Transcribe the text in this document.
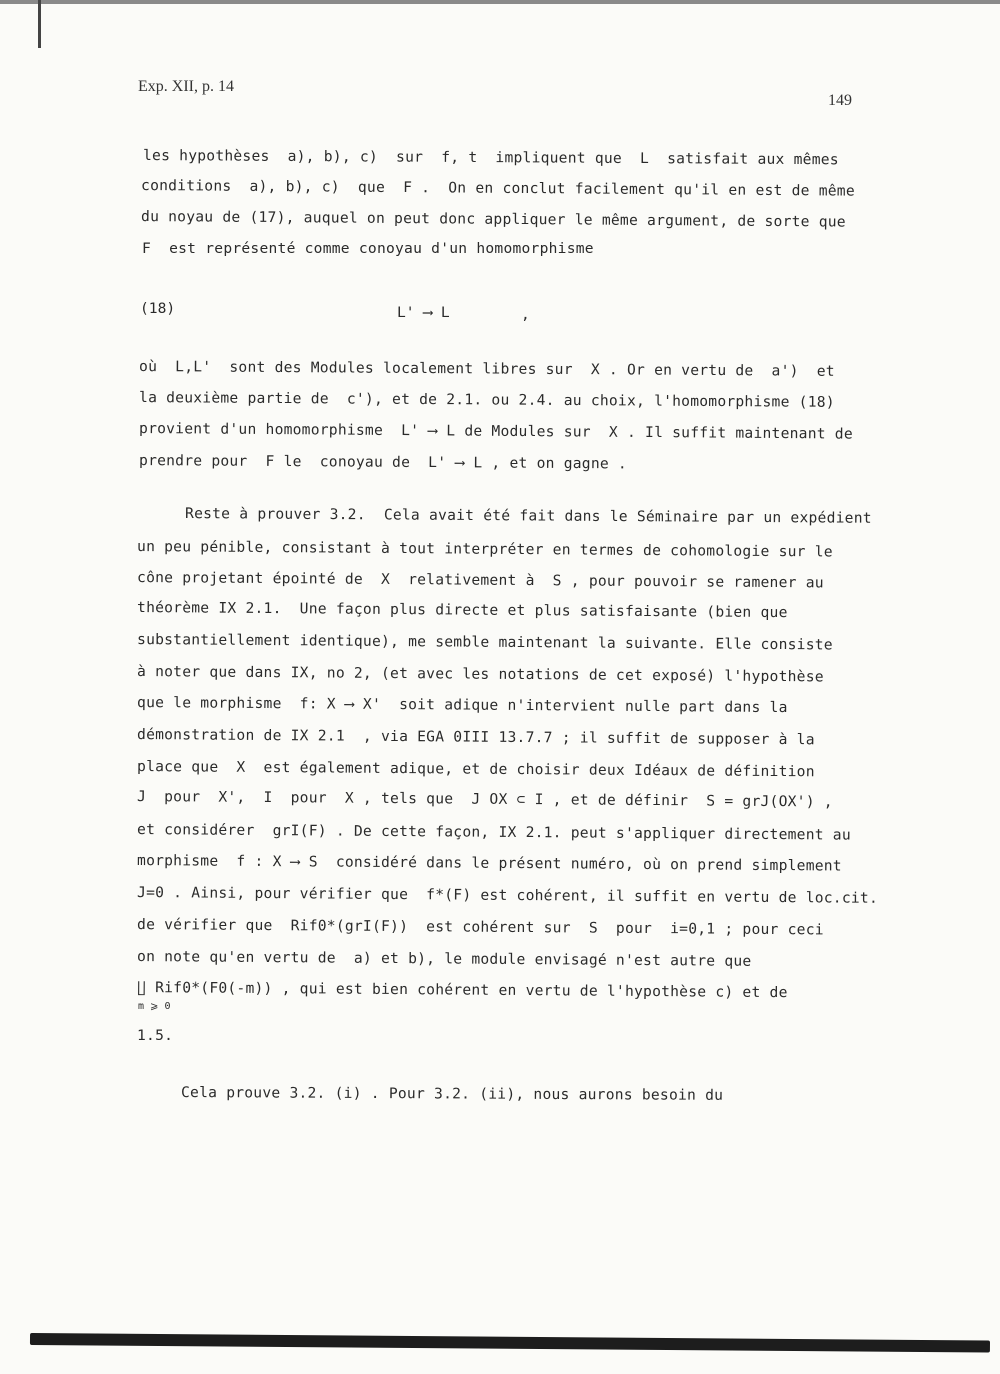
Exp. XII, p. 14
149
les hypothèses  a), b), c)  sur  f, t  impliquent que  L  satisfait aux mêmes
conditions  a), b), c)  que  F .  On en conclut facilement qu'il en est de même
du noyau de (17), auquel on peut donc appliquer le même argument, de sorte que
F  est représenté comme conoyau d'un homomorphisme
(18)	L' ⟶ L	,
où  L,L'  sont des Modules localement libres sur  X . Or en vertu de  a')  et
la deuxième partie de  c'), et de 2.1. ou 2.4. au choix, l'homomorphisme (18)
provient d'un homomorphisme  L' ⟶ L de Modules sur  X . Il suffit maintenant de
prendre pour  F le  conoyau de  L' ⟶ L , et on gagne .
Reste à prouver 3.2.  Cela avait été fait dans le Séminaire par un expédient
un peu pénible, consistant à tout interpréter en termes de cohomologie sur le
cône projetant épointé de  X  relativement à  S , pour pouvoir se ramener au
théorème IX 2.1.  Une façon plus directe et plus satisfaisante (bien que
substantiellement identique), me semble maintenant la suivante. Elle consiste
à noter que dans IX, no 2, (et avec les notations de cet exposé) l'hypothèse
que le morphisme  f: X ⟶ X'  soit adique n'intervient nulle part dans la
démonstration de IX 2.1  , via EGA 0III 13.7.7 ; il suffit de supposer à la
place que  X  est également adique, et de choisir deux Idéaux de définition
J  pour  X',  I  pour  X , tels que  J OX ⊂ I , et de définir  S = grJ(OX') ,
et considérer  grI(F) . De cette façon, IX 2.1. peut s'appliquer directement au
morphisme  f : X ⟶ S  considéré dans le présent numéro, où on prend simplement
J=0 . Ainsi, pour vérifier que  f*(F) est cohérent, il suffit en vertu de loc.cit.
de vérifier que  Rif0*(grI(F))  est cohérent sur  S  pour  i=0,1 ; pour ceci
on note qu'en vertu de  a) et b), le module envisagé n'est autre que
∐ Rif0*(F0(-m)) , qui est bien cohérent en vertu de l'hypothèse c) et de
m ⩾ 0
1.5.
Cela prouve 3.2. (i) . Pour 3.2. (ii), nous aurons besoin du
